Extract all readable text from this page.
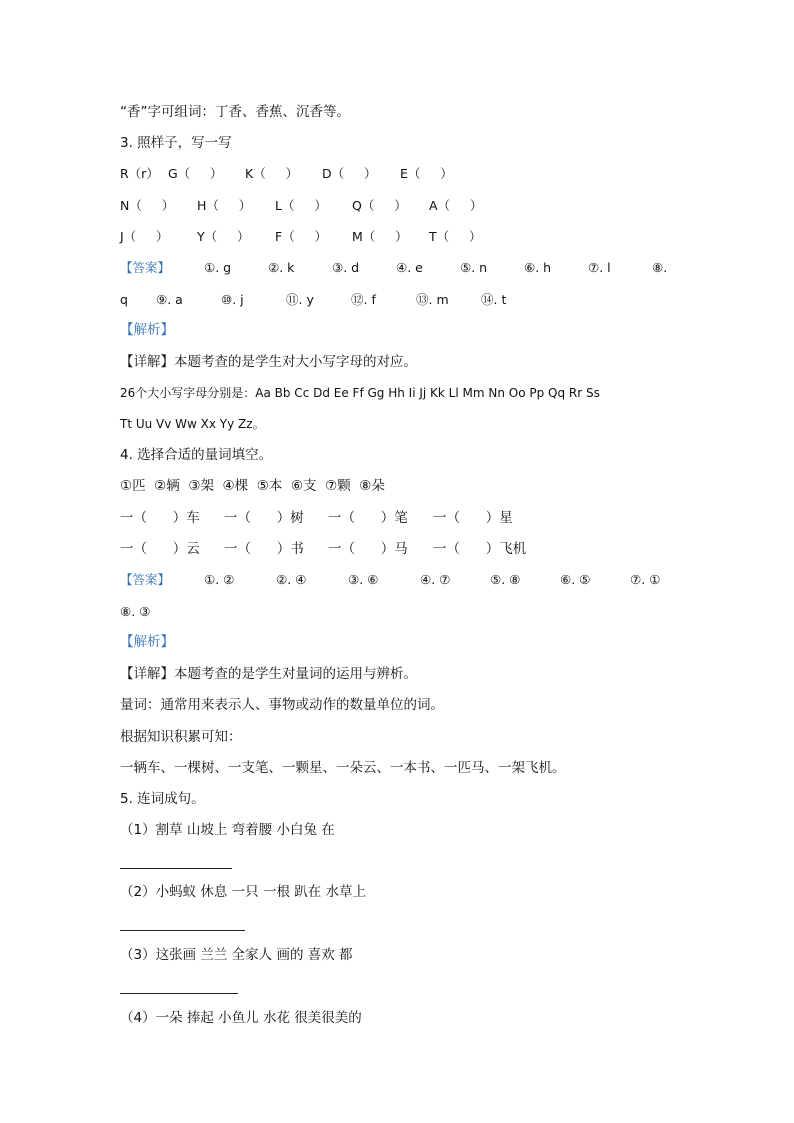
“香”字可组词：丁香、香蕉、沉香等。
3. 照样子，写一写
R（r） G（     ） K（     ） D（     ） E（     ）
N（     ） H（     ） L（     ） Q（     ） A（     ）
J（     ） Y（     ） F（     ） M（     ） T（     ）
【答案】	①. g	②. k	③. d	④. e	⑤. n	⑥. h	⑦. l	⑧.
q ⑨. a	⑩. j	⑪. y	⑫. f	⑬. m	⑭. t
【解析】
【详解】本题考查的是学生对大小写字母的对应。
26个大小写字母分别是：Aa Bb Cc Dd Ee Ff Gg Hh Ii Jj Kk Ll Mm Nn Oo Pp Qq Rr Ss
Tt Uu Vv Ww Xx Yy Zz。
4. 选择合适的量词填空。
①匹  ②辆  ③架  ④棵  ⑤本  ⑥支  ⑦颗  ⑧朵
一（      ）车 一（      ）树 一（      ）笔 一（      ）星
一（      ）云 一（      ）书 一（      ）马 一（      ）飞机
【答案】	①. ②	②. ④	③. ⑥	④. ⑦	⑤. ⑧	⑥. ⑤	⑦. ①
⑧. ③
【解析】
【详解】本题考查的是学生对量词的运用与辨析。
量词：通常用来表示人、事物或动作的数量单位的词。
根据知识积累可知：
一辆车、一棵树、一支笔、一颗星、一朵云、一本书、一匹马、一架飞机。
5. 连词成句。
（1）割草 山坡上 弯着腰 小白兔 在
（2）小蚂蚁 休息 一只 一根 趴在 水草上
（3）这张画 兰兰 全家人 画的 喜欢 都
（4）一朵 捧起 小鱼儿 水花 很美很美的
